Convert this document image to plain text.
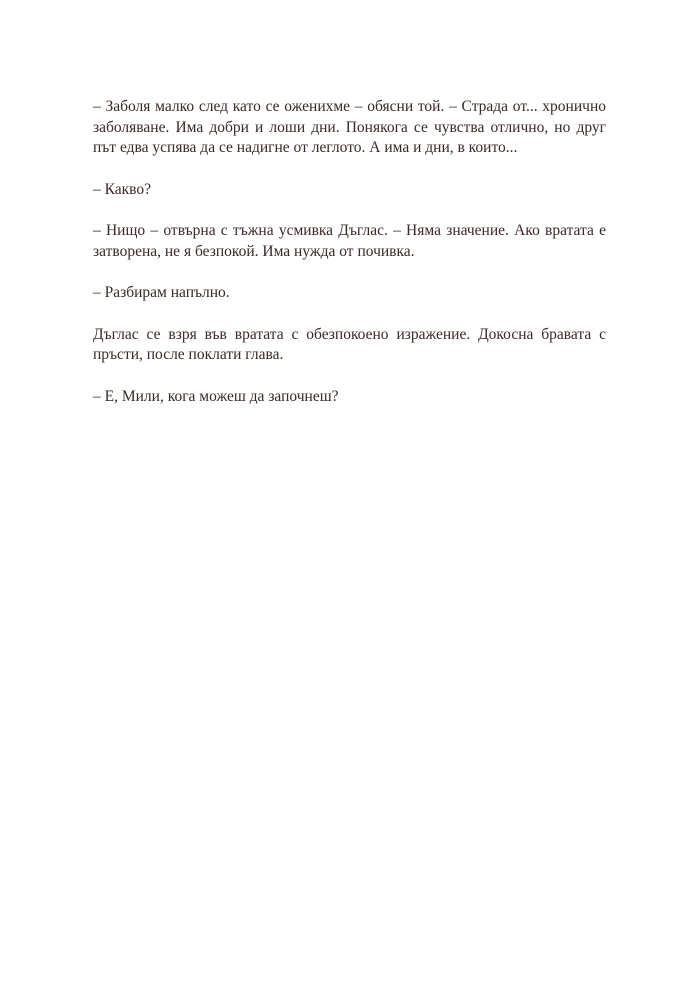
– Заболя малко след като се оженихме – обясни той. – Страда от... хронично заболяване. Има добри и лоши дни. Понякога се чувства отлично, но друг път едва успява да се надигне от леглото. А има и дни, в които...

– Какво?

– Нищо – отвърна с тъжна усмивка Дъглас. – Няма значение. Ако вратата е затворена, не я безпокой. Има нужда от почивка.

– Разбирам напълно.

Дъглас се взря във вратата с обезпокоено изражение. Докосна бравата с пръсти, после поклати глава.

– Е, Мили, кога можеш да започнеш?
